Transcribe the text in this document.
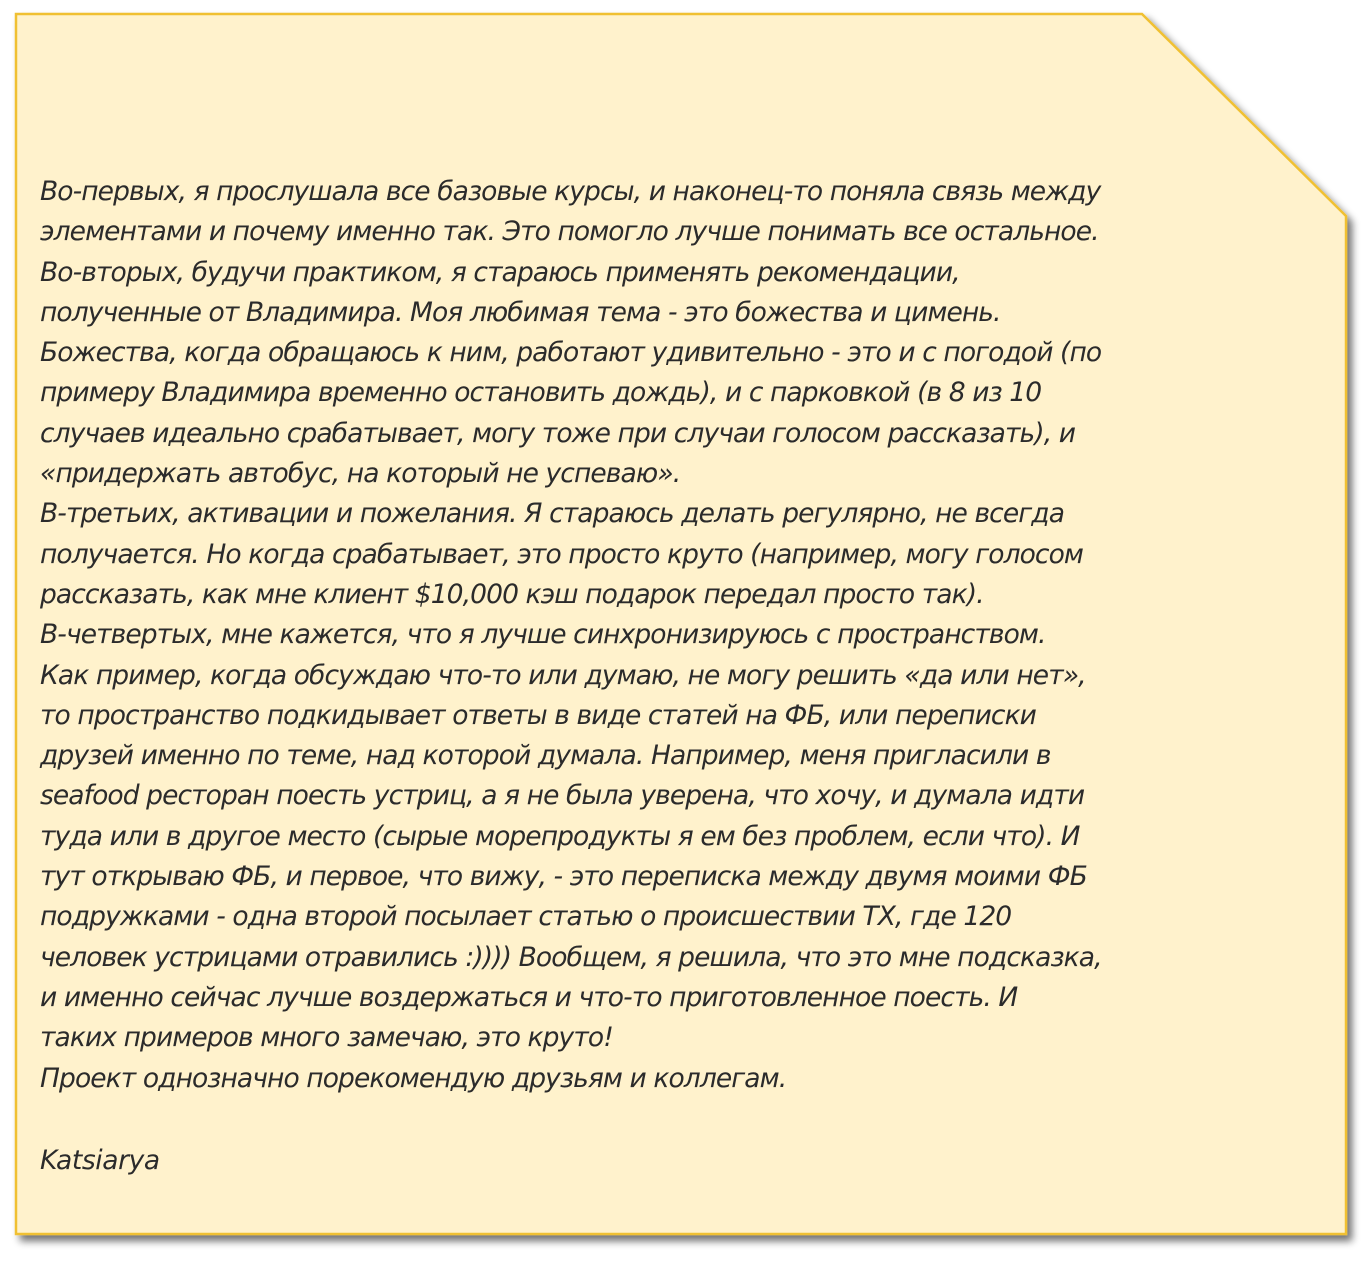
Во-первых, я прослушала все базовые курсы, и наконец-то поняла связь между
элементами и почему именно так. Это помогло лучше понимать все остальное.
Во-вторых, будучи практиком, я стараюсь применять рекомендации,
полученные от Владимира. Моя любимая тема - это божества и цимень.
Божества, когда обращаюсь к ним, работают удивительно - это и с погодой (по
примеру Владимира временно остановить дождь), и с парковкой (в 8 из 10
случаев идеально срабатывает, могу тоже при случаи голосом рассказать), и
«придержать автобус, на который не успеваю».
В-третьих, активации и пожелания. Я стараюсь делать регулярно, не всегда
получается. Но когда срабатывает, это просто круто (например, могу голосом
рассказать, как мне клиент $10,000 кэш подарок передал просто так).
В-четвертых, мне кажется, что я лучше синхронизируюсь с пространством.
Как пример, когда обсуждаю что-то или думаю, не могу решить «да или нет»,
то пространство подкидывает ответы в виде статей на ФБ, или переписки
друзей именно по теме, над которой думала. Например, меня пригласили в
seafood ресторан поесть устриц, а я не была уверена, что хочу, и думала идти
туда или в другое место (сырые морепродукты я ем без проблем, если что). И
тут открываю ФБ, и первое, что вижу, - это переписка между двумя моими ФБ
подружками - одна второй посылает статью о происшествии ТХ, где 120
человек устрицами отравились :)))) Вообщем, я решила, что это мне подсказка,
и именно сейчас лучше воздержаться и что-то приготовленное поесть. И
таких примеров много замечаю, это круто!
Проект однозначно порекомендую друзьям и коллегам.
Katsiarya
